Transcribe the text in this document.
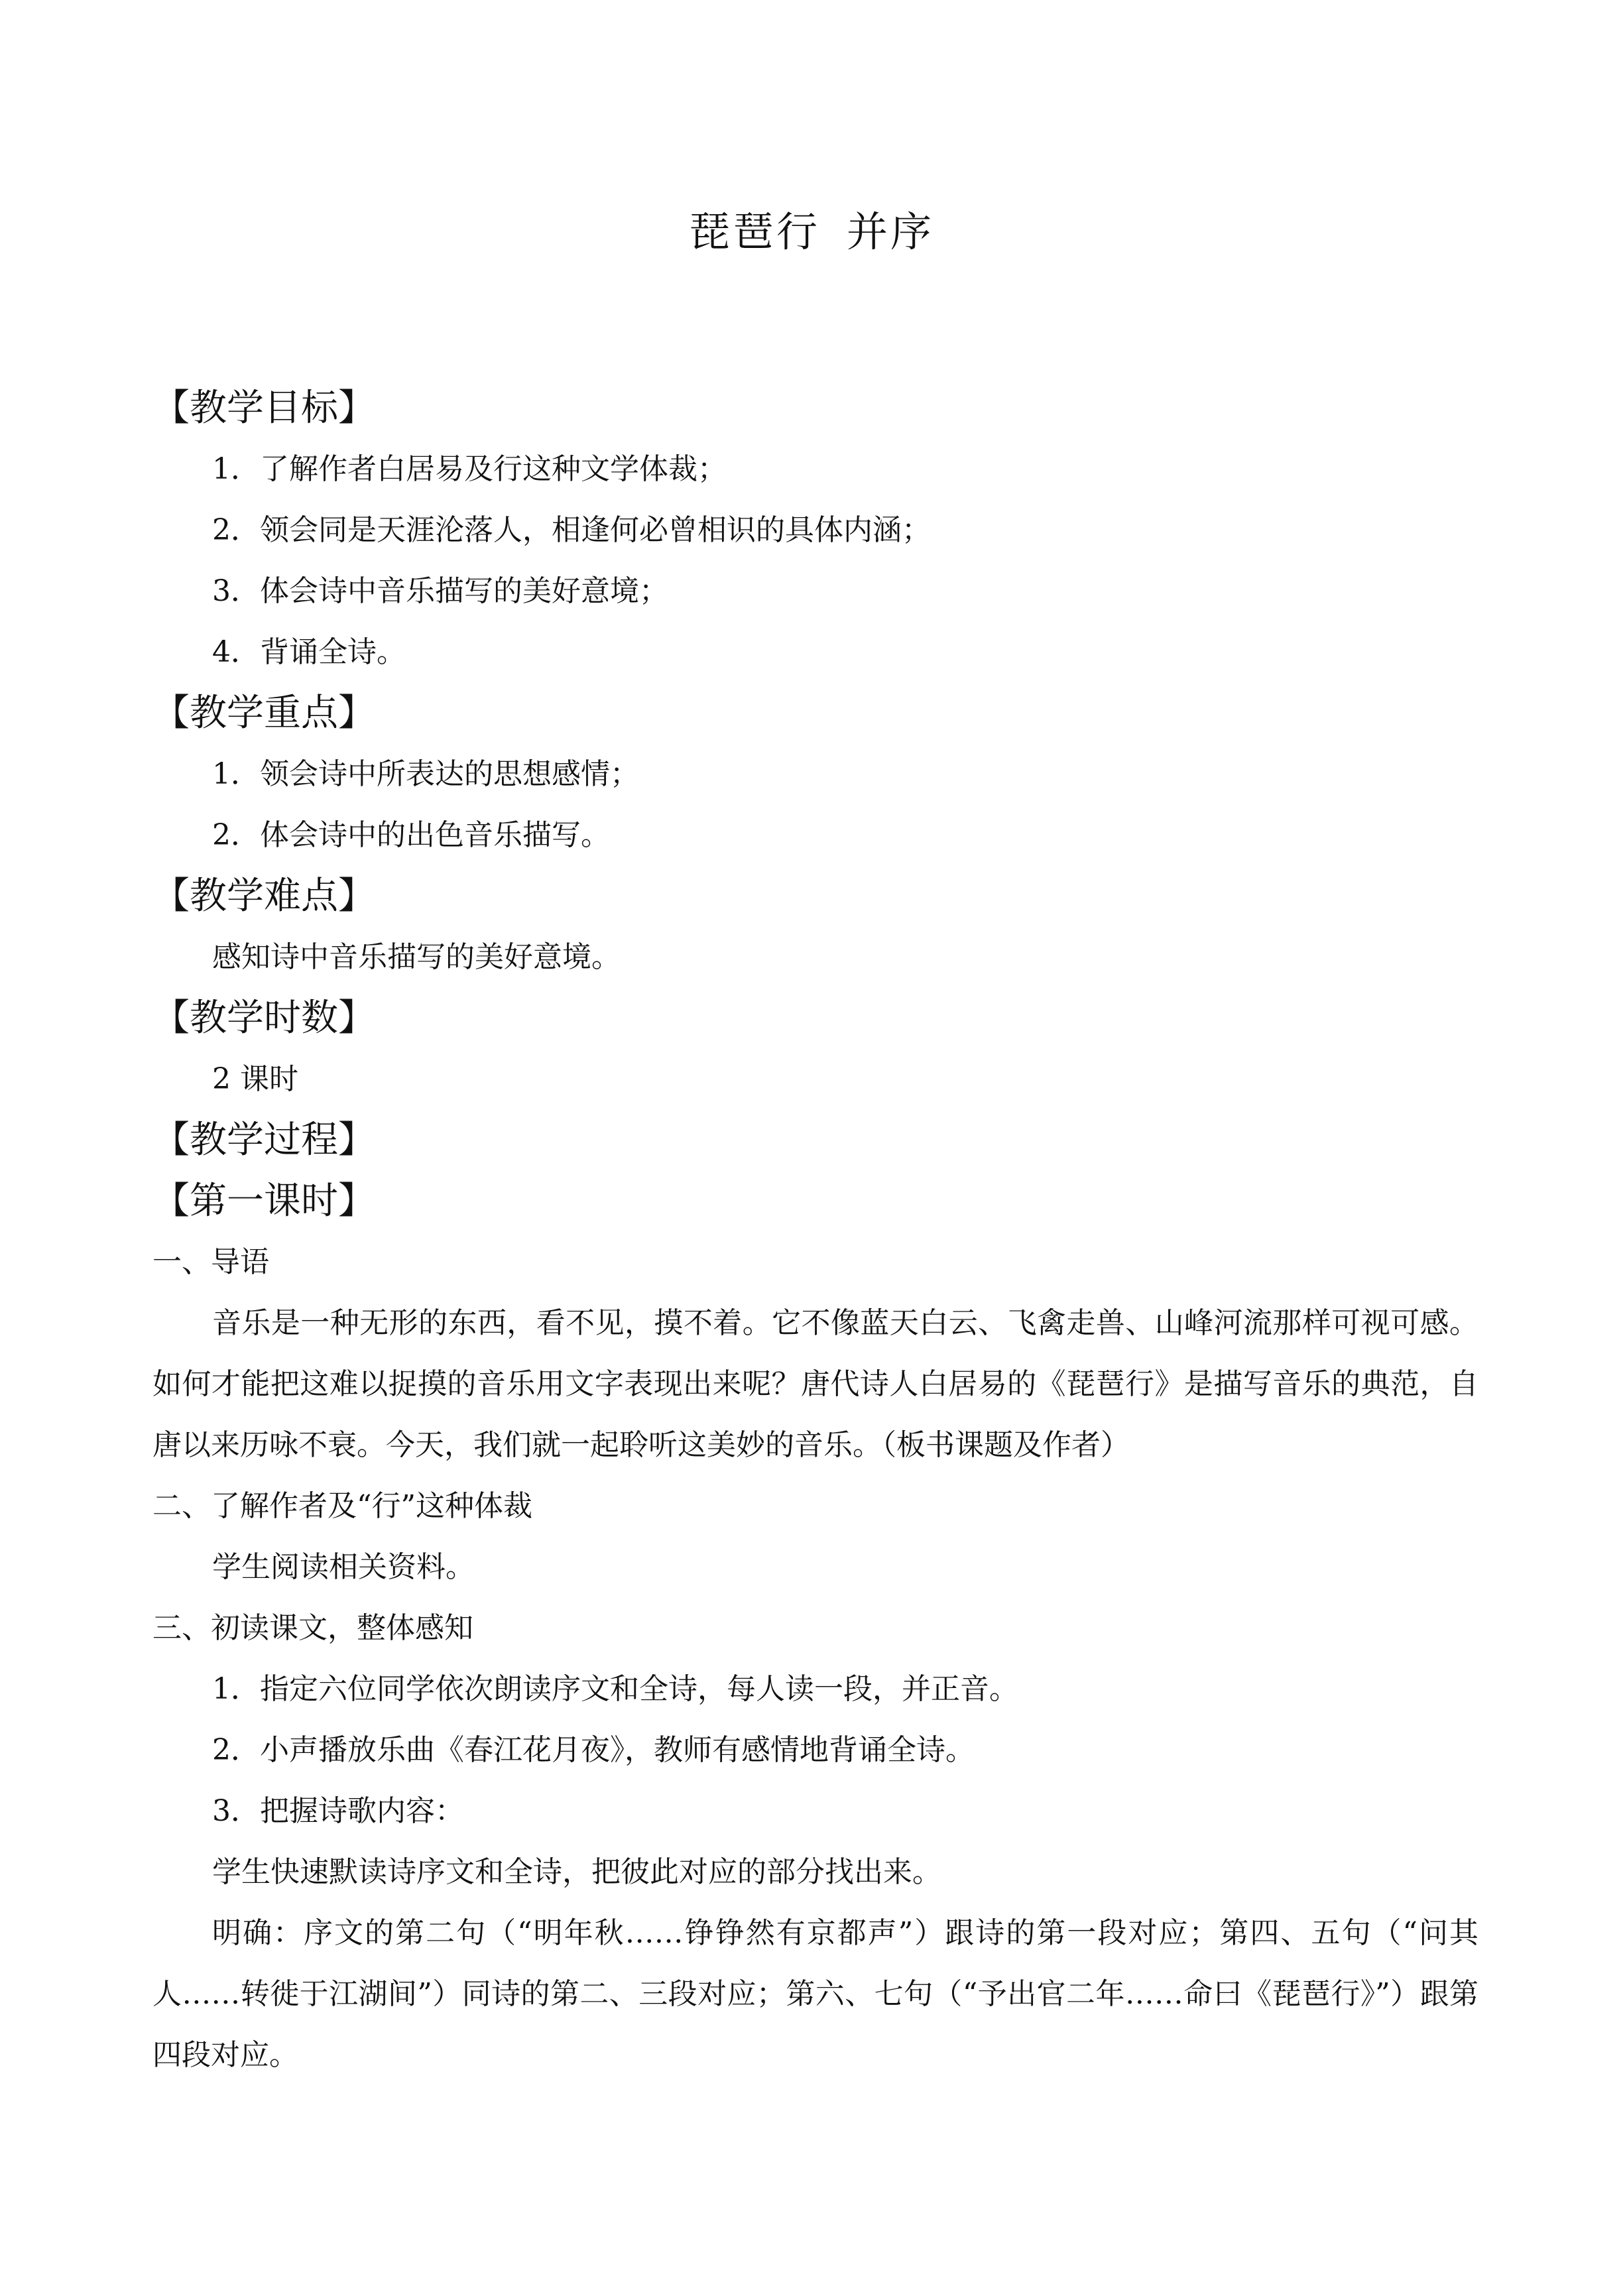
琵琶行 并序

【教学目标】

1．了解作者白居易及行这种文学体裁；

2．领会同是天涯沦落人，相逢何必曾相识的具体内涵；

3．体会诗中音乐描写的美好意境；

4．背诵全诗。

【教学重点】

1．领会诗中所表达的思想感情；

2．体会诗中的出色音乐描写。

【教学难点】

感知诗中音乐描写的美好意境。

【教学时数】

2 课时

【教学过程】

【第一课时】

一、导语

音乐是一种无形的东西，看不见，摸不着。它不像蓝天白云、飞禽走兽、山峰河流那样可视可感。如何才能把这难以捉摸的音乐用文字表现出来呢？唐代诗人白居易的《琵琶行》是描写音乐的典范，自唐以来历咏不衰。今天，我们就一起聆听这美妙的音乐。（板书课题及作者）

二、了解作者及“行”这种体裁

学生阅读相关资料。

三、初读课文，整体感知

1．指定六位同学依次朗读序文和全诗，每人读一段，并正音。

2．小声播放乐曲《春江花月夜》，教师有感情地背诵全诗。

3．把握诗歌内容：

学生快速默读诗序文和全诗，把彼此对应的部分找出来。

明确：序文的第二句（“明年秋……铮铮然有京都声”）跟诗的第一段对应；第四、五句（“问其人……转徙于江湖间”）同诗的第二、三段对应；第六、七句（“予出官二年……命曰《琵琶行》”）跟第四段对应。
